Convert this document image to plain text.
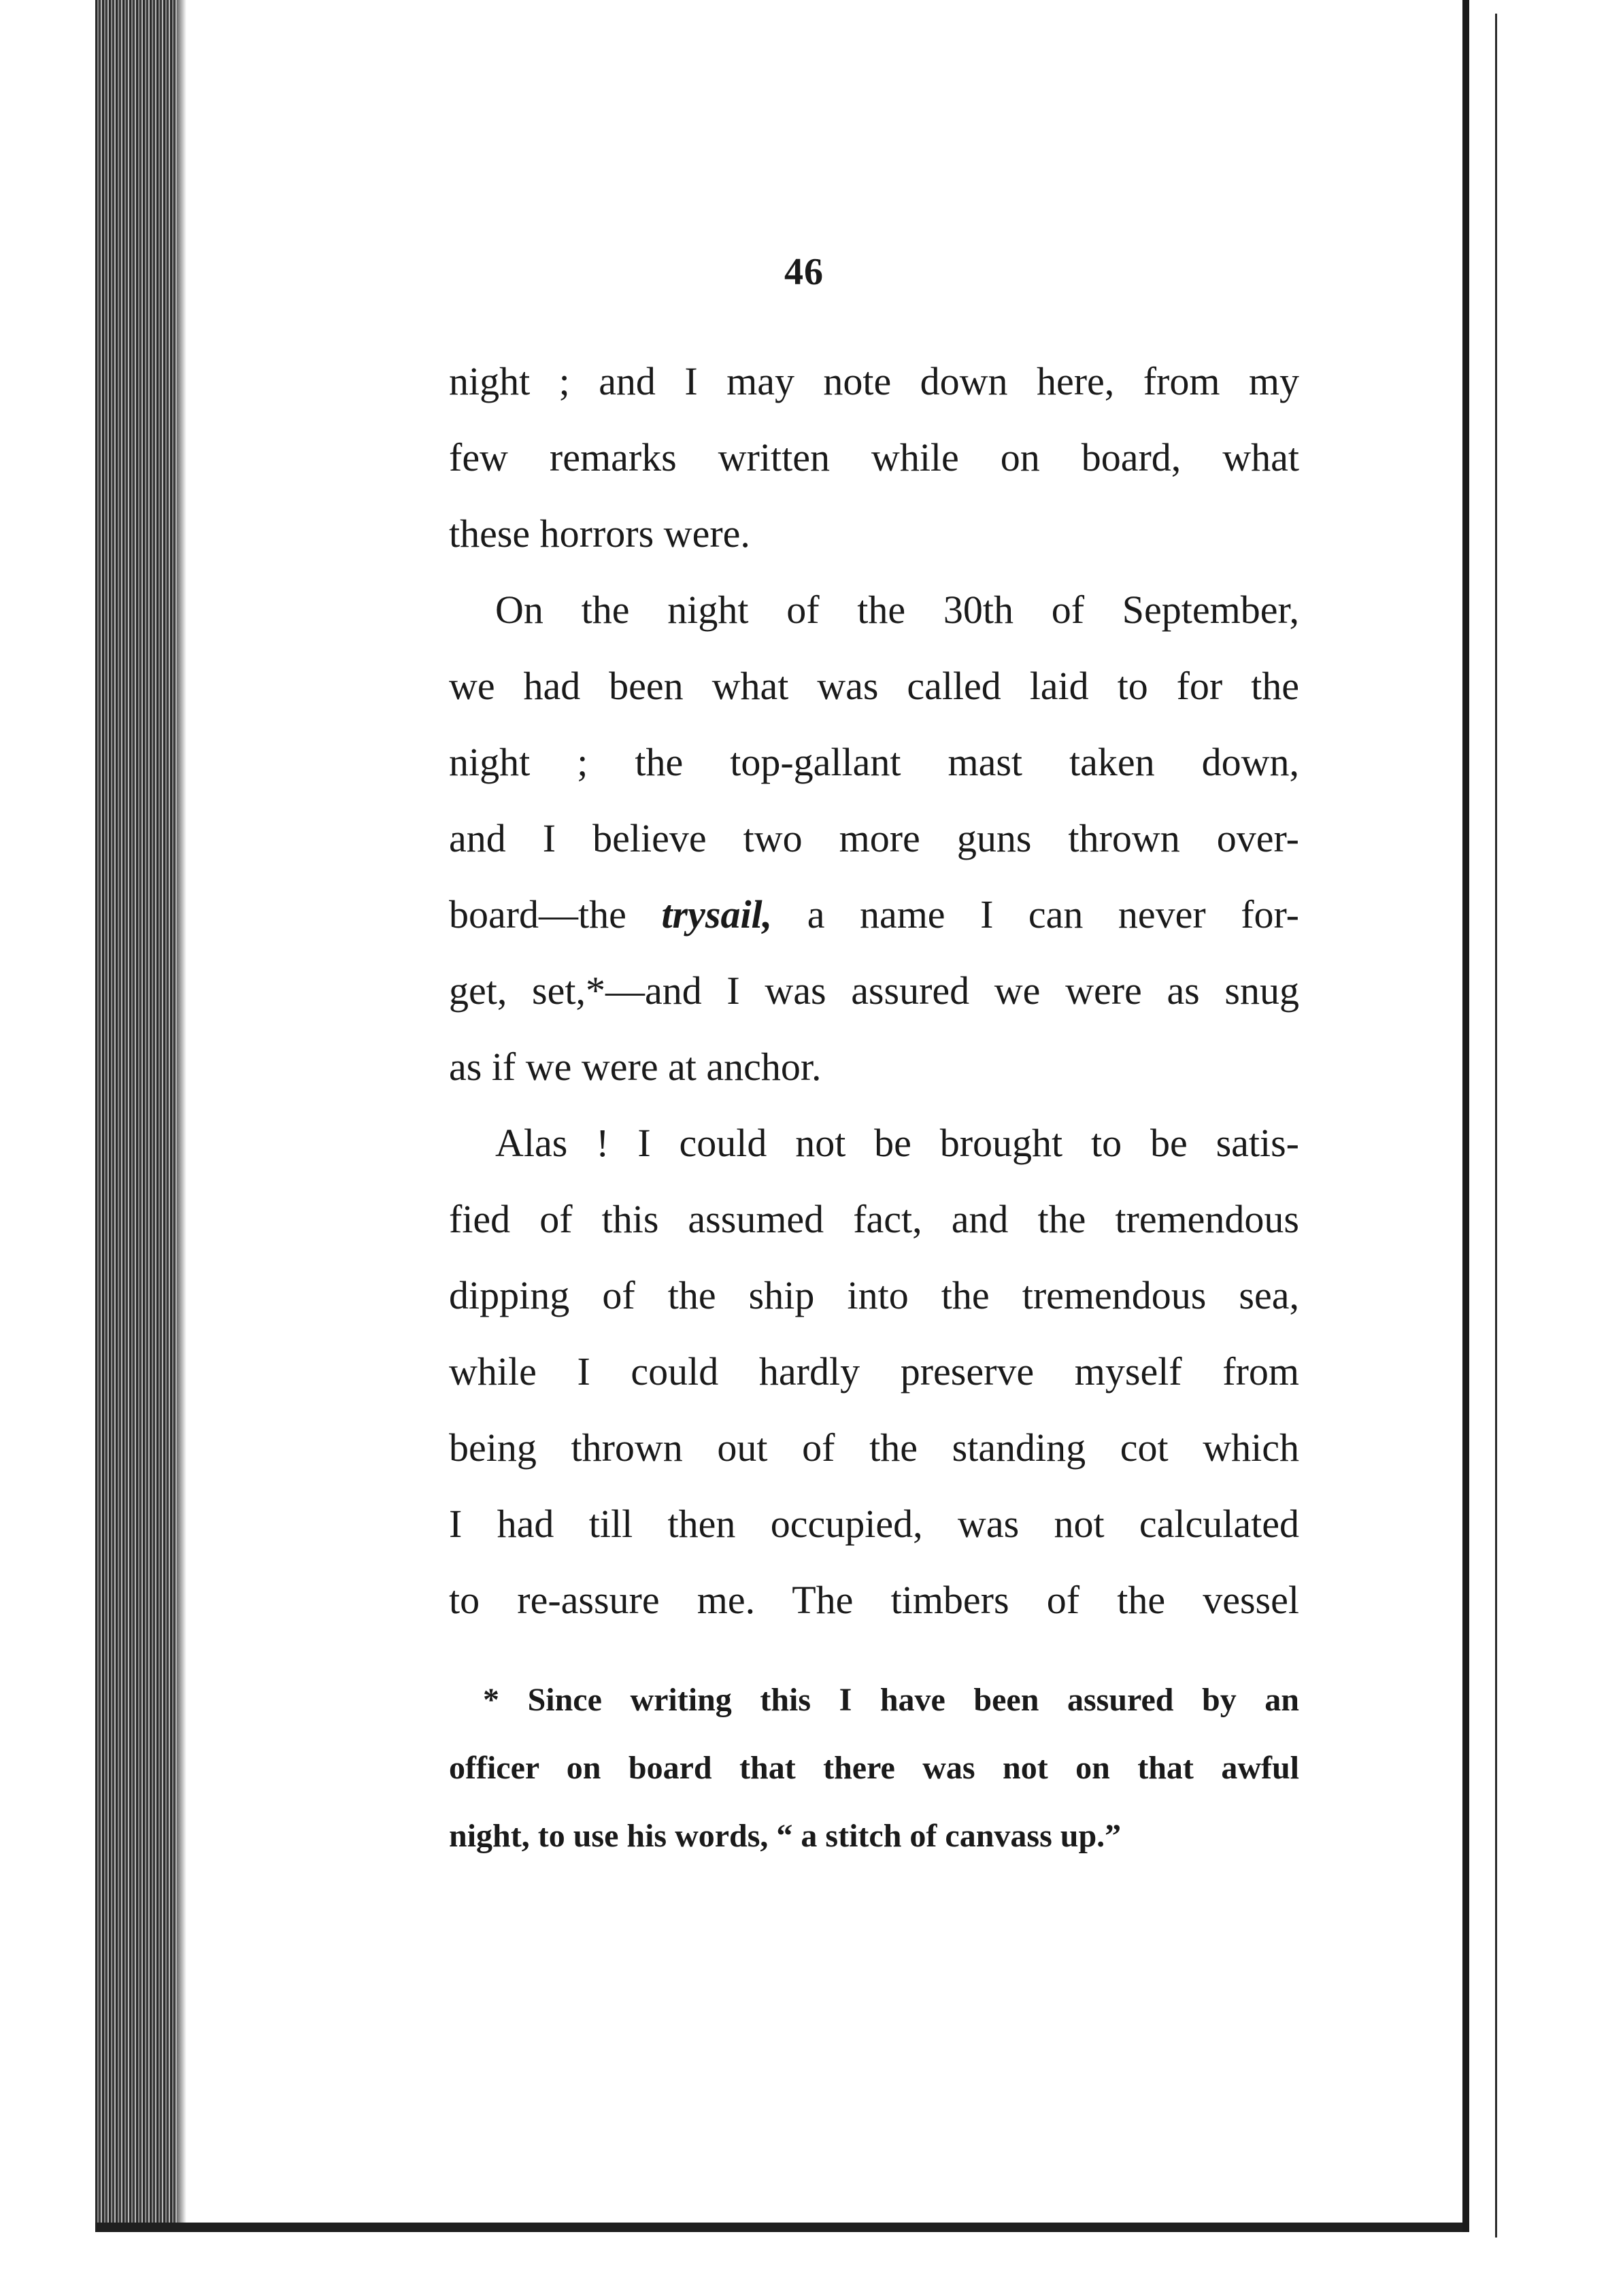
46
night ; and I may note down here, from my
few remarks written while on board, what
these horrors were.
On the night of the 30th of September,
we had been what was called laid to for the
night ; the top-gallant mast taken down,
and I believe two more guns thrown over-
board—the trysail, a name I can never for-
get, set,*—and I was assured we were as snug
as if we were at anchor.
Alas ! I could not be brought to be satis-
fied of this assumed fact, and the tremendous
dipping of the ship into the tremendous sea,
while I could hardly preserve myself from
being thrown out of the standing cot which
I had till then occupied, was not calculated
to re-assure me. The timbers of the vessel
* Since writing this I have been assured by an
officer on board that there was not on that awful
night, to use his words, “ a stitch of canvass up.”
